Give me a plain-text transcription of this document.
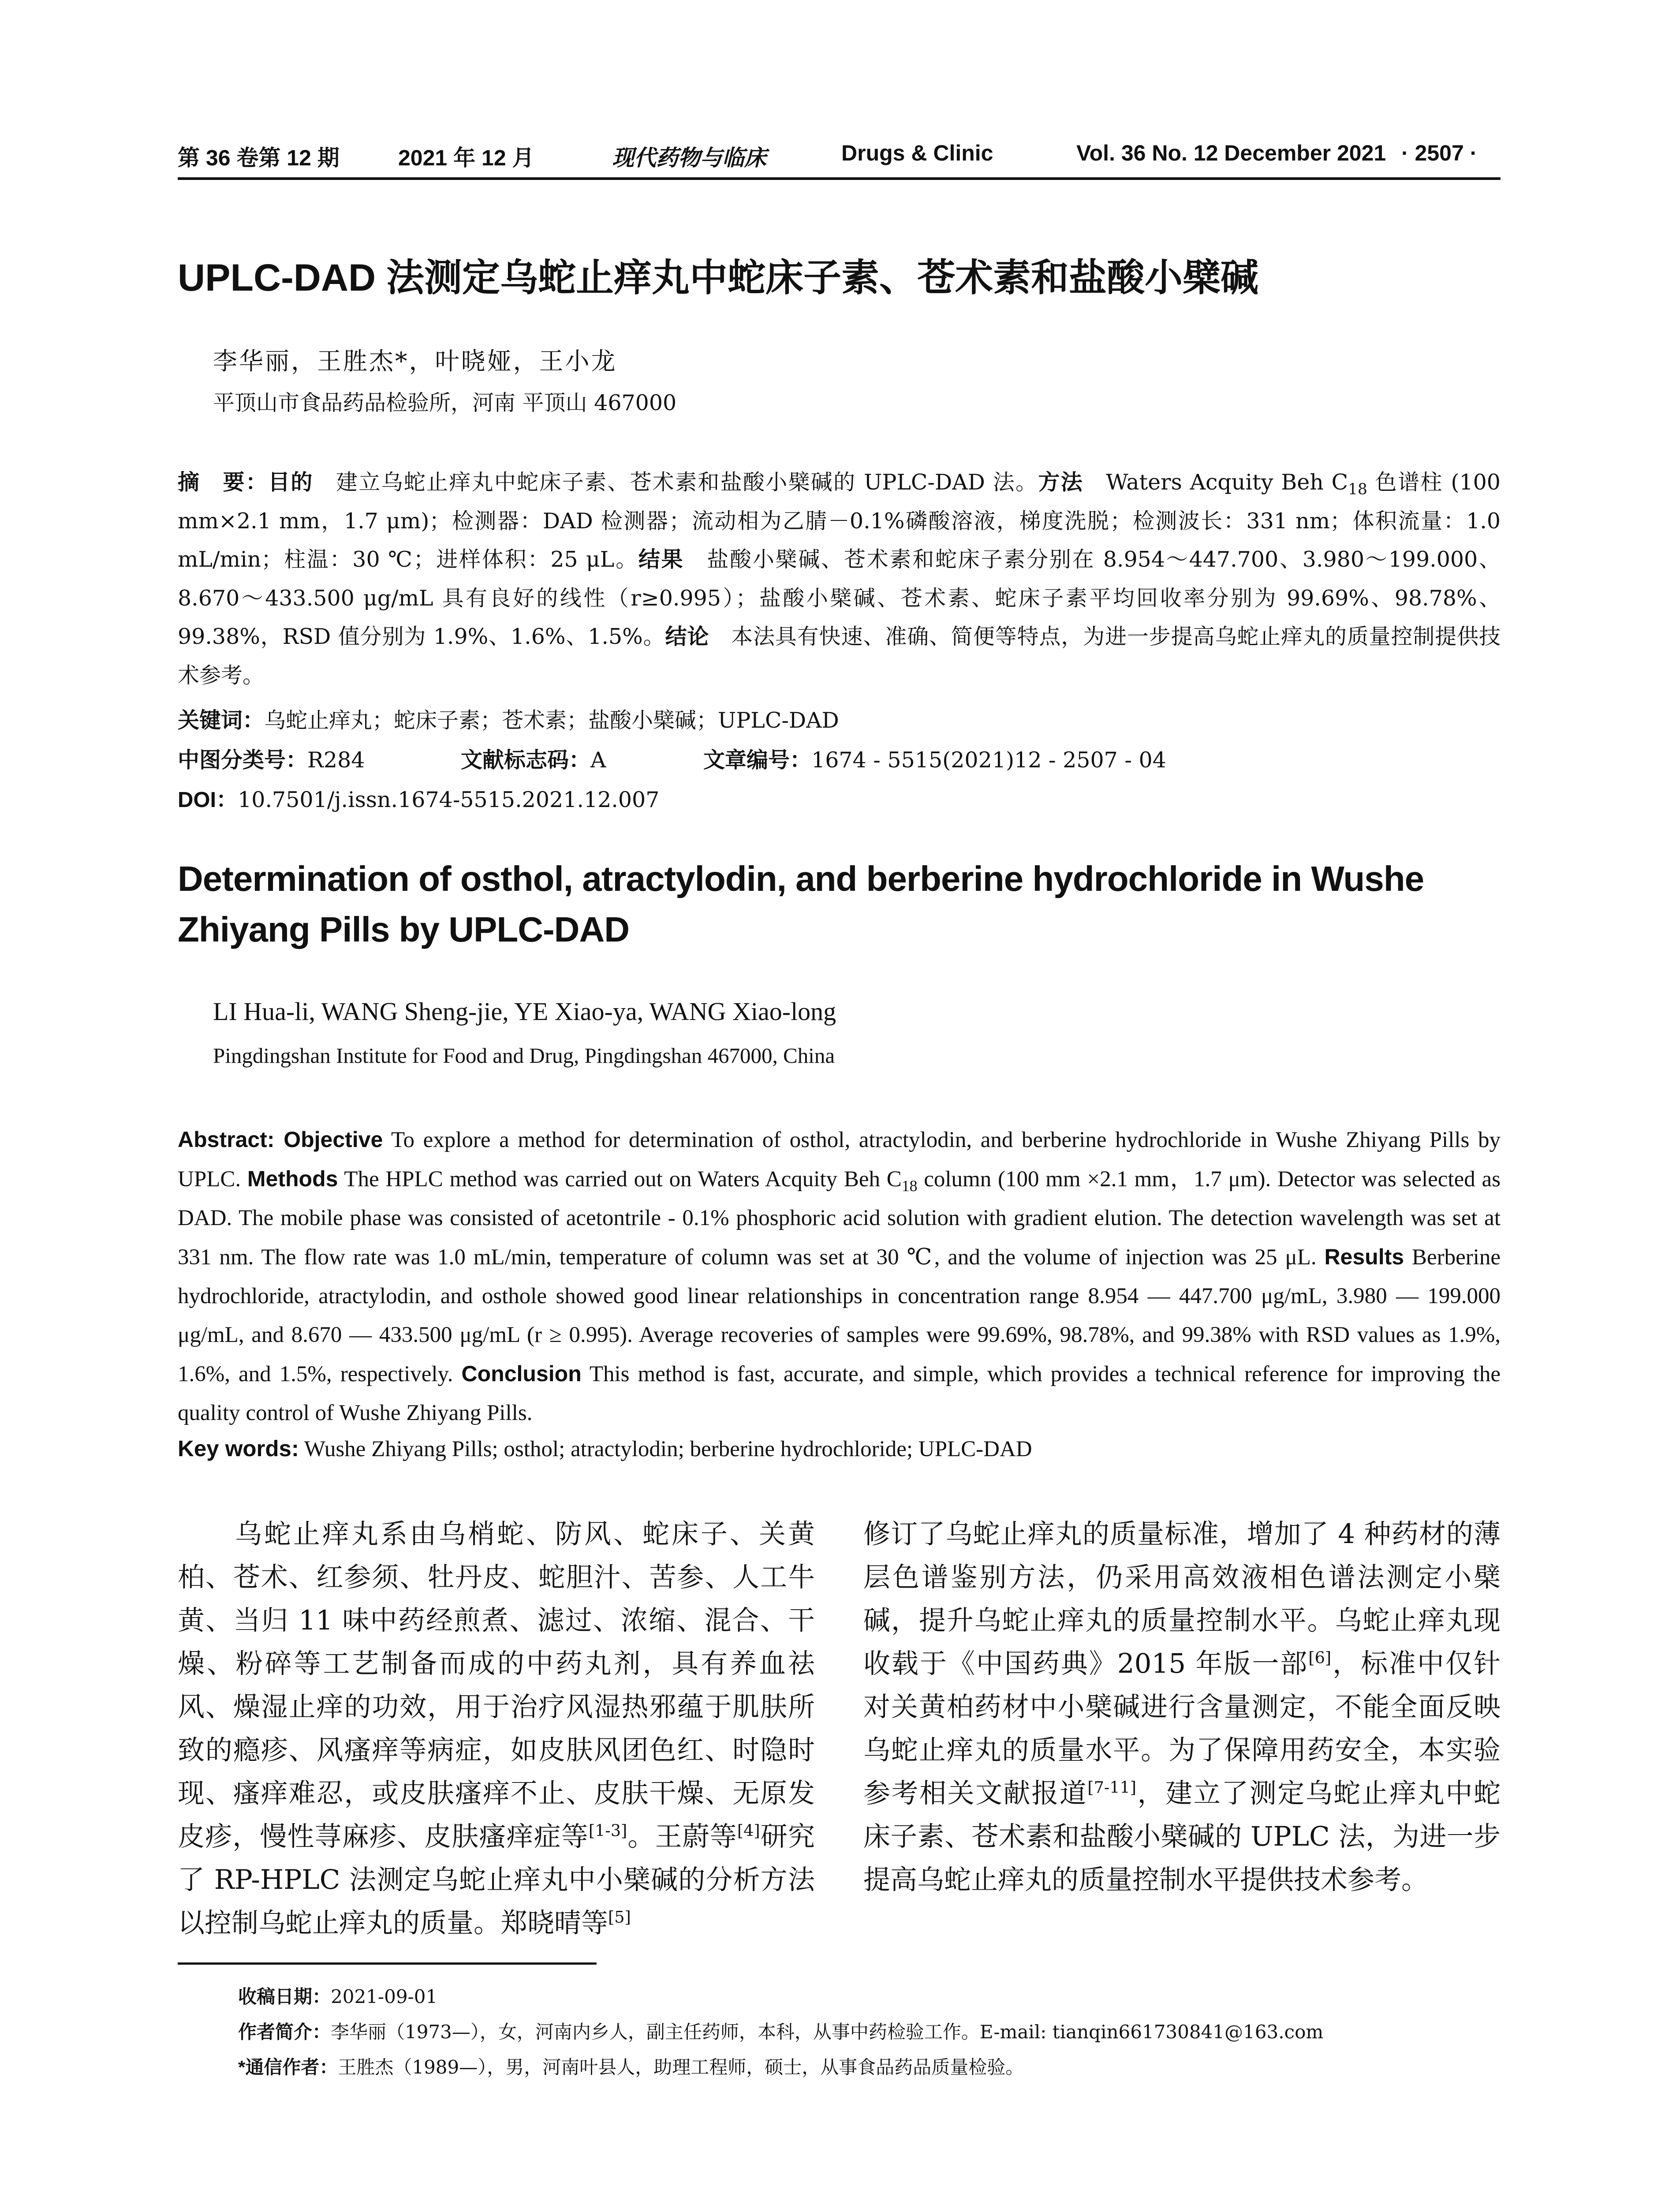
第 36 卷第 12 期	2021 年 12 月	现代药物与临床	Drugs & Clinic	Vol. 36 No. 12 December 2021 · 2507 ·
UPLC-DAD 法测定乌蛇止痒丸中蛇床子素、苍术素和盐酸小檗碱
李华丽，王胜杰*，叶晓娅，王小龙
平顶山市食品药品检验所，河南 平顶山 467000
摘　要：目的　建立乌蛇止痒丸中蛇床子素、苍术素和盐酸小檗碱的 UPLC-DAD 法。方法　Waters Acquity Beh $C_{18}$ 色谱柱 (100 mm×2.1 mm，1.7 μm)；检测器：DAD 检测器；流动相为乙腈－0.1%磷酸溶液，梯度洗脱；检测波长：331 nm；体积流量：1.0 mL/min；柱温：30 ℃；进样体积：25 μL。结果　盐酸小檗碱、苍术素和蛇床子素分别在 8.954～447.700、3.980～199.000、8.670～433.500 μg/mL 具有良好的线性（r≥0.995）；盐酸小檗碱、苍术素、蛇床子素平均回收率分别为 99.69%、98.78%、99.38%，RSD 值分别为 1.9%、1.6%、1.5%。结论　本法具有快速、准确、简便等特点，为进一步提高乌蛇止痒丸的质量控制提供技术参考。
关键词：乌蛇止痒丸；蛇床子素；苍术素；盐酸小檗碱；UPLC-DAD
中图分类号：R284	文献标志码：A	文章编号：1674 - 5515(2021)12 - 2507 - 04
DOI：10.7501/j.issn.1674-5515.2021.12.007
Determination of osthol, atractylodin, and berberine hydrochloride in Wushe Zhiyang Pills by UPLC-DAD
LI Hua-li, WANG Sheng-jie, YE Xiao-ya, WANG Xiao-long
Pingdingshan Institute for Food and Drug, Pingdingshan 467000, China
Abstract: Objective To explore a method for determination of osthol, atractylodin, and berberine hydrochloride in Wushe Zhiyang Pills by UPLC. Methods The HPLC method was carried out on Waters Acquity Beh $C_{18}$ column (100 mm ×2.1 mm，1.7 μm). Detector was selected as DAD. The mobile phase was consisted of acetontrile - 0.1% phosphoric acid solution with gradient elution. The detection wavelength was set at 331 nm. The flow rate was 1.0 mL/min, temperature of column was set at 30 ℃, and the volume of injection was 25 μL. Results Berberine hydrochloride, atractylodin, and osthole showed good linear relationships in concentration range 8.954 — 447.700 μg/mL, 3.980 — 199.000 μg/mL, and 8.670 — 433.500 μg/mL (r ≥ 0.995). Average recoveries of samples were 99.69%, 98.78%, and 99.38% with RSD values as 1.9%, 1.6%, and 1.5%, respectively. Conclusion This method is fast, accurate, and simple, which provides a technical reference for improving the quality control of Wushe Zhiyang Pills.
Key words: Wushe Zhiyang Pills; osthol; atractylodin; berberine hydrochloride; UPLC-DAD
乌蛇止痒丸系由乌梢蛇、防风、蛇床子、关黄柏、苍术、红参须、牡丹皮、蛇胆汁、苦参、人工牛黄、当归 11 味中药经煎煮、滤过、浓缩、混合、干燥、粉碎等工艺制备而成的中药丸剂，具有养血祛风、燥湿止痒的功效，用于治疗风湿热邪蕴于肌肤所致的瘾疹、风瘙痒等病症，如皮肤风团色红、时隐时现、瘙痒难忍，或皮肤瘙痒不止、皮肤干燥、无原发皮疹，慢性荨麻疹、皮肤瘙痒症等[1-3]。王蔚等[4]研究了 RP-HPLC 法测定乌蛇止痒丸中小檗碱的分析方法以控制乌蛇止痒丸的质量。郑晓晴等[5]
修订了乌蛇止痒丸的质量标准，增加了 4 种药材的薄层色谱鉴别方法，仍采用高效液相色谱法测定小檗碱，提升乌蛇止痒丸的质量控制水平。乌蛇止痒丸现收载于《中国药典》2015 年版一部[6]，标准中仅针对关黄柏药材中小檗碱进行含量测定，不能全面反映乌蛇止痒丸的质量水平。为了保障用药安全，本实验参考相关文献报道[7-11]，建立了测定乌蛇止痒丸中蛇床子素、苍术素和盐酸小檗碱的 UPLC 法，为进一步提高乌蛇止痒丸的质量控制水平提供技术参考。
收稿日期：2021-09-01
作者简介：李华丽（1973—），女，河南内乡人，副主任药师，本科，从事中药检验工作。E-mail: tianqin661730841@163.com
*通信作者：王胜杰（1989—），男，河南叶县人，助理工程师，硕士，从事食品药品质量检验。
